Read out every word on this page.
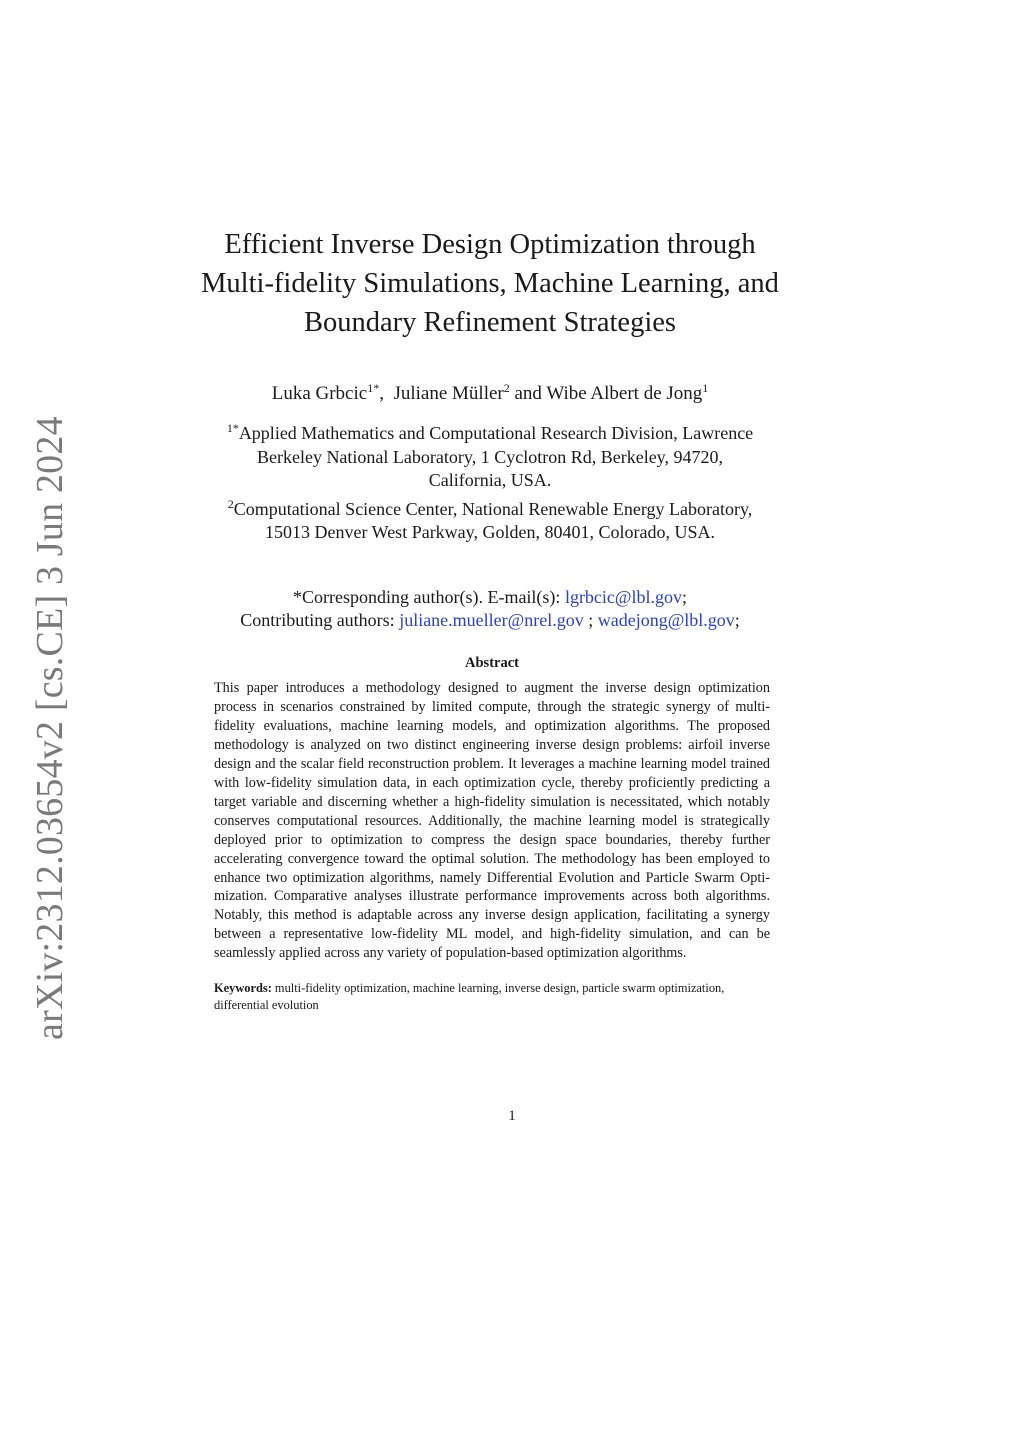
arXiv:2312.03654v2 [cs.CE] 3 Jun 2024
Efficient Inverse Design Optimization through
Multi-fidelity Simulations, Machine Learning, and
Boundary Refinement Strategies
Luka Grbcic$^{1*}$,  Juliane Müller$^2$ and Wibe Albert de Jong$^1$

$^{1*}$Applied Mathematics and Computational Research Division, Lawrence
Berkeley National Laboratory, 1 Cyclotron Rd, Berkeley, 94720,
California, USA.

$^2$Computational Science Center, National Renewable Energy Laboratory,
15013 Denver West Parkway, Golden, 80401, Colorado, USA.

*Corresponding author(s). E-mail(s): lgrbcic@lbl.gov;
Contributing authors: juliane.mueller@nrel.gov ; wadejong@lbl.gov;

Abstract

This paper introduces a methodology designed to augment the inverse design optimization process in scenarios constrained by limited compute, through the strategic synergy of multi-fidelity evaluations, machine learning models, and optimization algorithms. The proposed methodology is analyzed on two distinct engineering inverse design problems: airfoil inverse design and the scalar field reconstruction problem. It leverages a machine learning model trained with low-fidelity simulation data, in each optimization cycle, thereby proficiently predicting a target variable and discerning whether a high-fidelity simulation is necessitated, which notably conserves computational resources. Additionally, the machine learning model is strategically deployed prior to optimization to compress the design space boundaries, thereby further accelerating convergence toward the optimal solution. The methodology has been employed to enhance two optimization algorithms, namely Differential Evolution and Particle Swarm Optimization. Comparative analyses illustrate performance improvements across both algorithms. Notably, this method is adaptable across any inverse design application, facilitating a synergy between a representative low-fidelity ML model, and high-fidelity simulation, and can be seamlessly applied across any variety of population-based optimization algorithms.

Keywords: multi-fidelity optimization, machine learning, inverse design, particle swarm optimization, differential evolution
1
